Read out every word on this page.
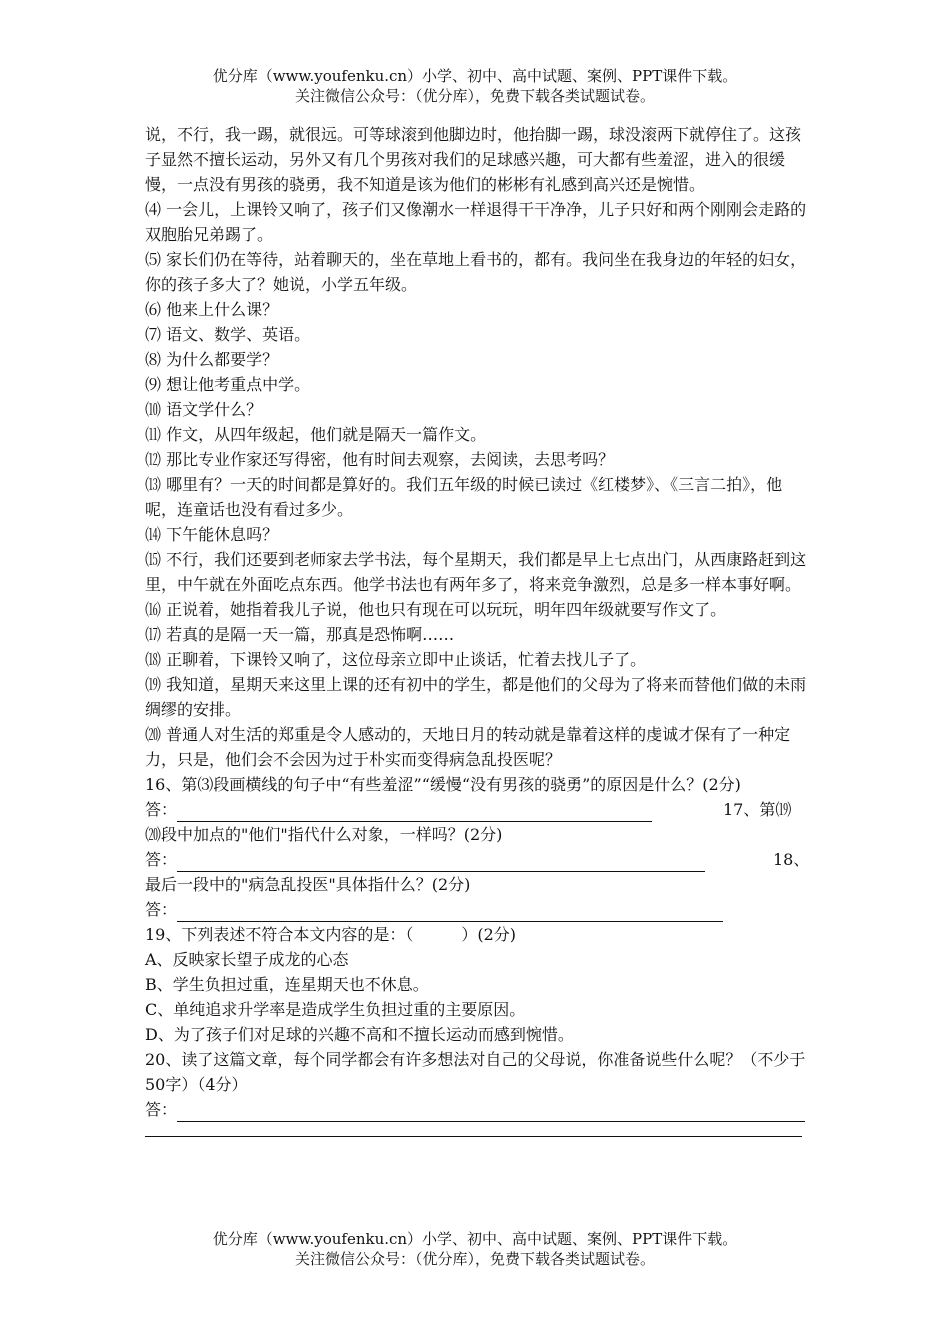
优分库（www.youfenku.cn）小学、初中、高中试题、案例、PPT课件下载。
关注微信公众号：（优分库），免费下载各类试题试卷。

说，不行，我一踢，就很远。可等球滚到他脚边时，他抬脚一踢，球没滚两下就停住了。这孩子显然不擅长运动，另外又有几个男孩对我们的足球感兴趣，可大都有些羞涩，进入的很缓慢，一点没有男孩的骁勇，我不知道是该为他们的彬彬有礼感到高兴还是惋惜。

⑷ 一会儿，上课铃又响了，孩子们又像潮水一样退得干干净净，儿子只好和两个刚刚会走路的双胞胎兄弟踢了。

⑸ 家长们仍在等待，站着聊天的，坐在草地上看书的，都有。我问坐在我身边的年轻的妇女，你的孩子多大了？她说，小学五年级。

⑹ 他来上什么课？

⑺ 语文、数学、英语。

⑻ 为什么都要学？

⑼ 想让他考重点中学。

⑽ 语文学什么？

⑾ 作文，从四年级起，他们就是隔天一篇作文。

⑿ 那比专业作家还写得密，他有时间去观察，去阅读，去思考吗？

⒀ 哪里有？一天的时间都是算好的。我们五年级的时候已读过《红楼梦》、《三言二拍》，他呢，连童话也没有看过多少。

⒁ 下午能休息吗？

⒂ 不行，我们还要到老师家去学书法，每个星期天，我们都是早上七点出门，从西康路赶到这里，中午就在外面吃点东西。他学书法也有两年多了，将来竞争激烈，总是多一样本事好啊。

⒃ 正说着，她指着我儿子说，他也只有现在可以玩玩，明年四年级就要写作文了。

⒄ 若真的是隔一天一篇，那真是恐怖啊……

⒅ 正聊着，下课铃又响了，这位母亲立即中止谈话，忙着去找儿子了。

⒆ 我知道，星期天来这里上课的还有初中的学生，都是他们的父母为了将来而替他们做的未雨绸缪的安排。

⒇ 普通人对生活的郑重是令人感动的，天地日月的转动就是靠着这样的虔诚才保有了一种定力，只是，他们会不会因为过于朴实而变得病急乱投医呢？

16、第⑶段画横线的句子中“有些羞涩”“缓慢“没有男孩的骁勇”的原因是什么？(2分)

答：	17、第⒆

⒇段中加点的"他们"指代什么对象，一样吗？(2分)

答：	18、

最后一段中的"病急乱投医"具体指什么？(2分)

答：

19、下列表述不符合本文内容的是：（　　　）(2分)

A、反映家长望子成龙的心态

B、学生负担过重，连星期天也不休息。

C、单纯追求升学率是造成学生负担过重的主要原因。

D、为了孩子们对足球的兴趣不高和不擅长运动而感到惋惜。

20、读了这篇文章，每个同学都会有许多想法对自己的父母说，你准备说些什么呢？（不少于50字）（4分）

答：
优分库（www.youfenku.cn）小学、初中、高中试题、案例、PPT课件下载。
关注微信公众号：（优分库），免费下载各类试题试卷。
